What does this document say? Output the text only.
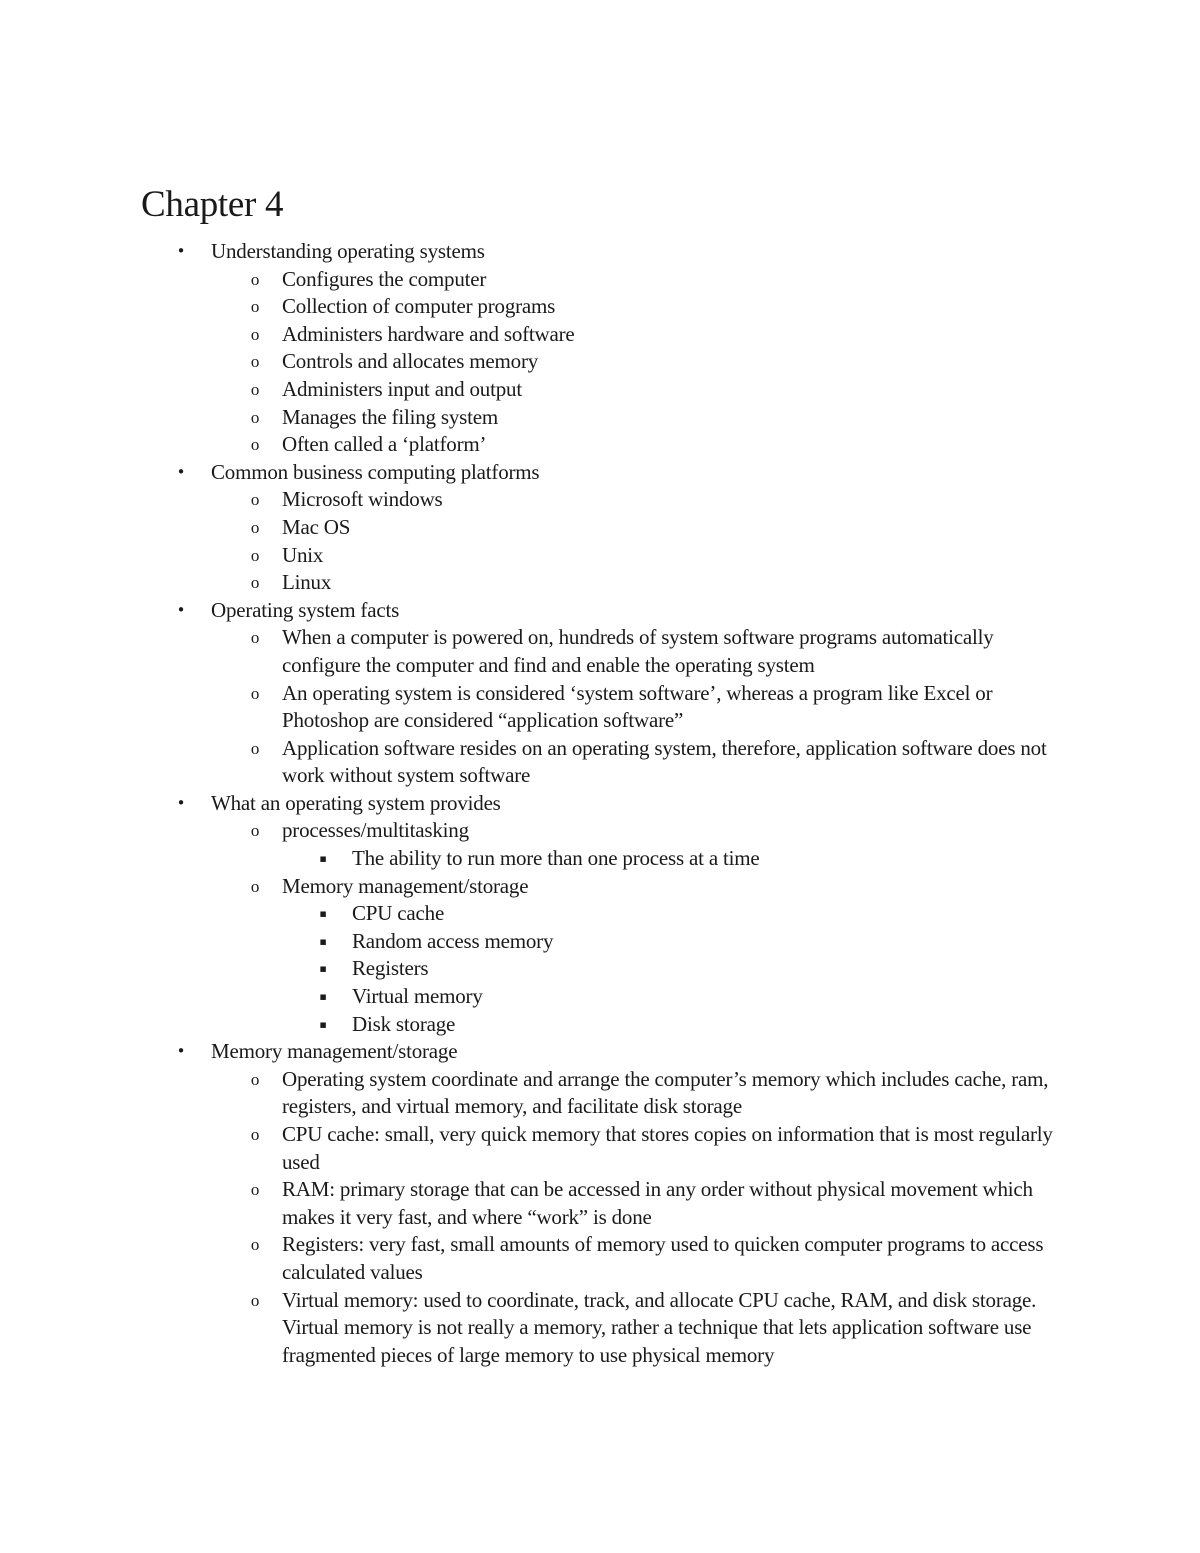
Chapter 4
• Understanding operating systems
o Configures the computer
o Collection of computer programs
o Administers hardware and software
o Controls and allocates memory
o Administers input and output
o Manages the filing system
o Often called a ‘platform’
• Common business computing platforms
o Microsoft windows
o Mac OS
o Unix
o Linux
• Operating system facts
o When a computer is powered on, hundreds of system software programs automatically configure the computer and find and enable the operating system
o An operating system is considered ‘system software’, whereas a program like Excel or Photoshop are considered “application software”
o Application software resides on an operating system, therefore, application software does not work without system software
• What an operating system provides
o processes/multitasking
▪ The ability to run more than one process at a time
o Memory management/storage
▪ CPU cache
▪ Random access memory
▪ Registers
▪ Virtual memory
▪ Disk storage
• Memory management/storage
o Operating system coordinate and arrange the computer’s memory which includes cache, ram, registers, and virtual memory, and facilitate disk storage
o CPU cache: small, very quick memory that stores copies on information that is most regularly used
o RAM: primary storage that can be accessed in any order without physical movement which makes it very fast, and where “work” is done
o Registers: very fast, small amounts of memory used to quicken computer programs to access calculated values
o Virtual memory: used to coordinate, track, and allocate CPU cache, RAM, and disk storage. Virtual memory is not really a memory, rather a technique that lets application software use fragmented pieces of large memory to use physical memory
